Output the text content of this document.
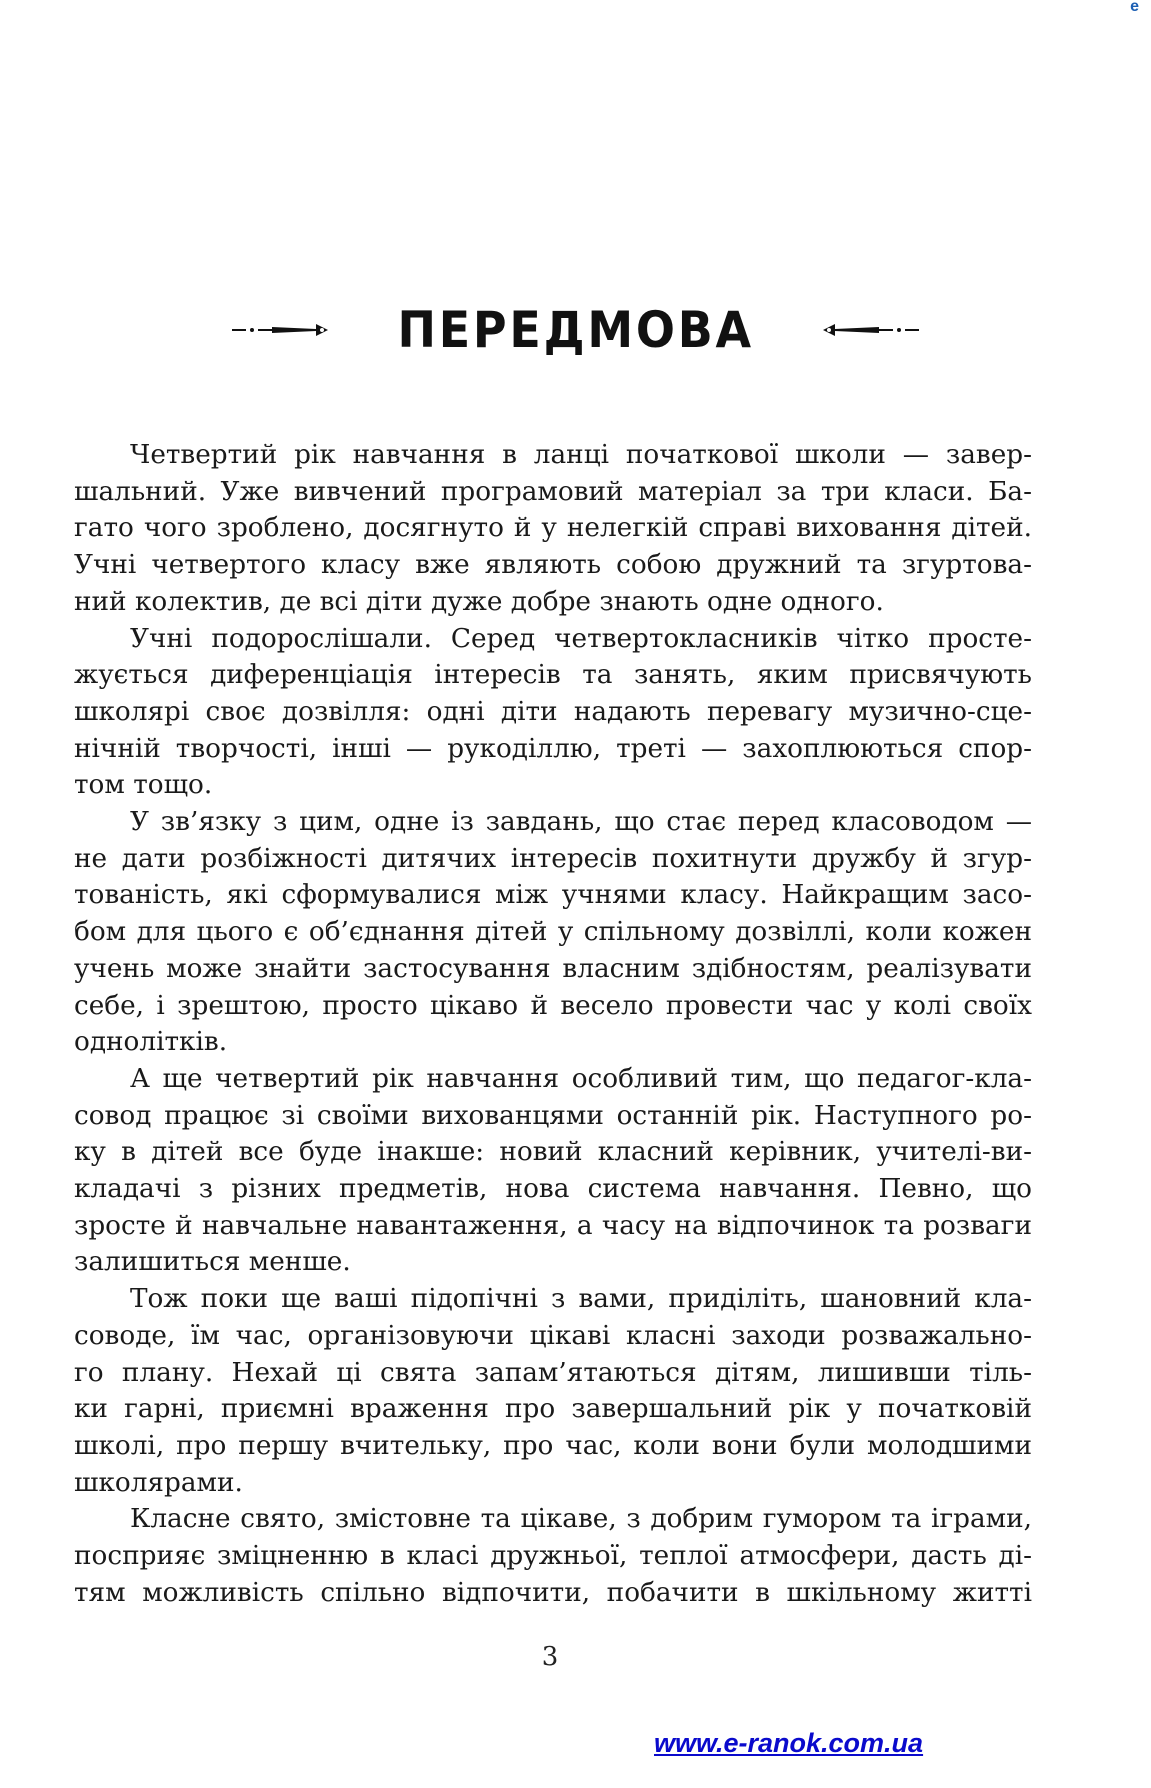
e
ПЕРЕДМОВА

Четвертий рік навчання в ланці початкової школи — завер-
шальний. Уже вивчений програмовий матеріал за три класи. Ба-
гато чого зроблено, досягнуто й у нелегкій справі виховання дітей.
Учні четвертого класу вже являють собою дружний та згуртова-
ний колектив, де всі діти дуже добре знають одне одного.

Учні подорослішали. Серед четвертокласників чітко просте-
жується диференціація інтересів та занять, яким присвячують
школярі своє дозвілля: одні діти надають перевагу музично-сце-
нічній творчості, інші — рукоділлю, треті — захоплюються спор-
том тощо.

У зв’язку з цим, одне із завдань, що стає перед класоводом —
не дати розбіжності дитячих інтересів похитнути дружбу й згур-
тованість, які сформувалися між учнями класу. Найкращим засо-
бом для цього є об’єднання дітей у спільному дозвіллі, коли кожен
учень може знайти застосування власним здібностям, реалізувати
себе, і зрештою, просто цікаво й весело провести час у колі своїх
однолітків.

А ще четвертий рік навчання особливий тим, що педагог-кла-
совод працює зі своїми вихованцями останній рік. Наступного ро-
ку в дітей все буде інакше: новий класний керівник, учителі-ви-
кладачі з різних предметів, нова система навчання. Певно, що
зросте й навчальне навантаження, а часу на відпочинок та розваги
залишиться менше.

Тож поки ще ваші підопічні з вами, приділіть, шановний кла-
соводе, їм час, організовуючи цікаві класні заходи розважально-
го плану. Нехай ці свята запам’ятаються дітям, лишивши тіль-
ки гарні, приємні враження про завершальний рік у початковій
школі, про першу вчительку, про час, коли вони були молодшими
школярами.

Класне свято, змістовне та цікаве, з добрим гумором та іграми,
посприяє зміцненню в класі дружньої, теплої атмосфери, дасть ді-
тям можливість спільно відпочити, побачити в шкільному житті

3
www.e-ranok.com.ua
